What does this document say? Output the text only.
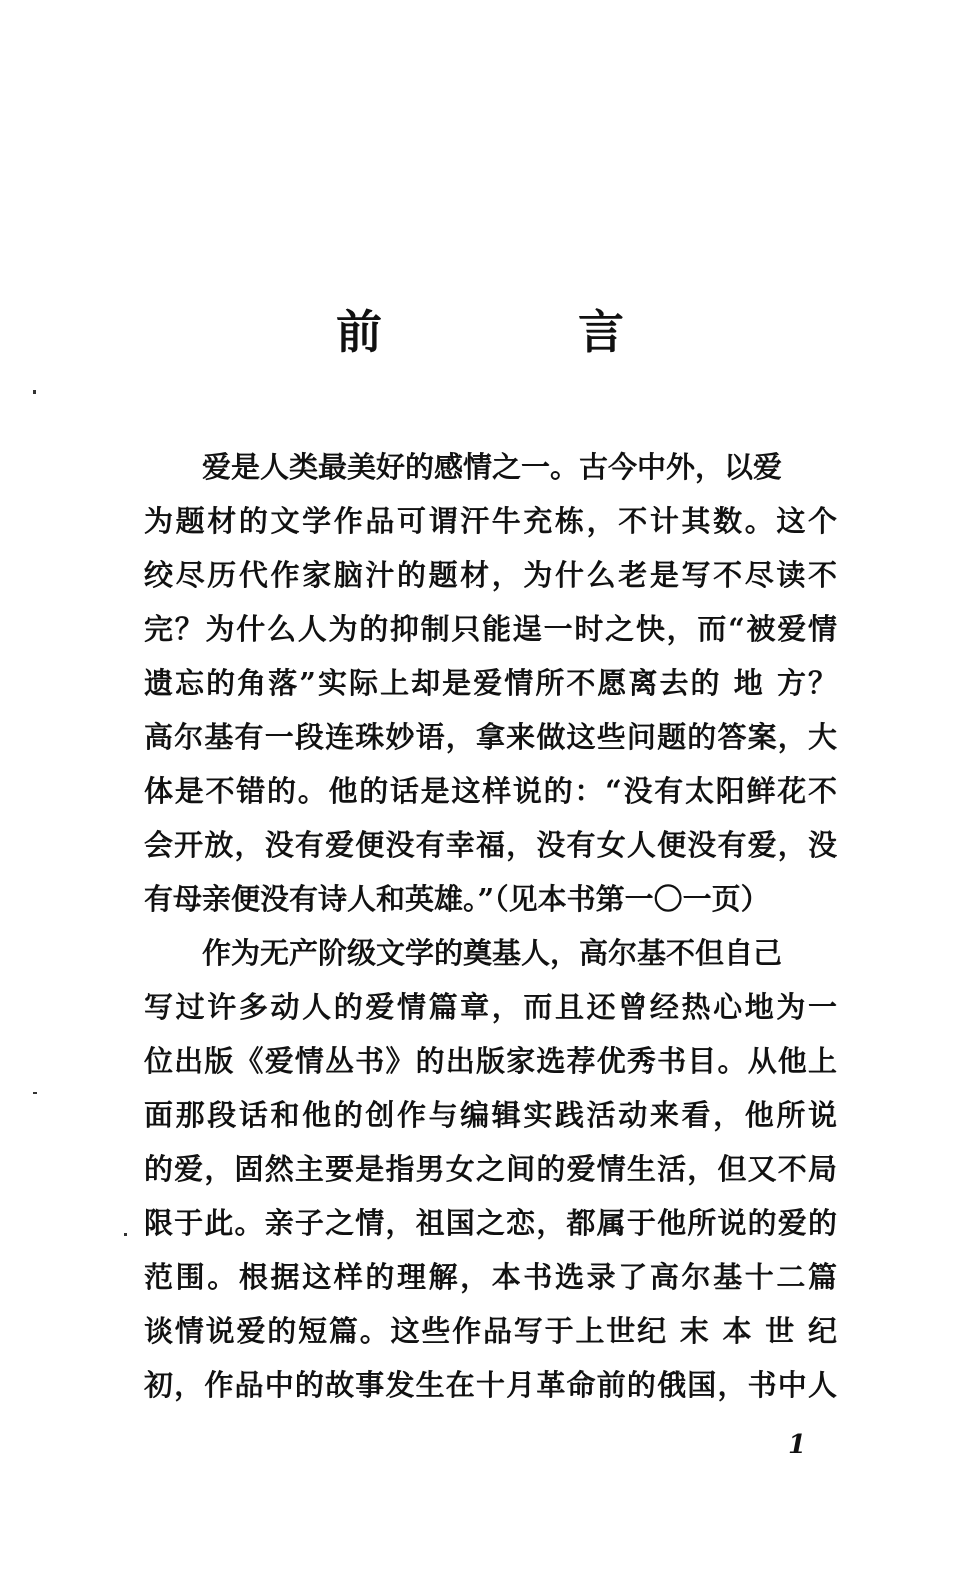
前 言
　　爱是人类最美好的感情之一。古今中外，以爱
为题材的文学作品可谓汗牛充栋，不计其数。这个
绞尽历代作家脑汁的题材，为什么老是写不尽读不
完？为什么人为的抑制只能逞一时之快，而“被爱情
遗忘的角落”实际上却是爱情所不愿离去的 地 方？
高尔基有一段连珠妙语，拿来做这些问题的答案，大
体是不错的。他的话是这样说的：“没有太阳鲜花不
会开放，没有爱便没有幸福，没有女人便没有爱，没
有母亲便没有诗人和英雄。”（见本书第一〇一页）
　　作为无产阶级文学的奠基人，高尔基不但自己
写过许多动人的爱情篇章，而且还曾经热心地为一
位出版《爱情丛书》的出版家选荐优秀书目。从他上
面那段话和他的创作与编辑实践活动来看，他所说
的爱，固然主要是指男女之间的爱情生活，但又不局
限于此。亲子之情，祖国之恋，都属于他所说的爱的
范围。根据这样的理解，本书选录了高尔基十二篇
谈情说爱的短篇。这些作品写于上世纪 末 本 世 纪
初，作品中的故事发生在十月革命前的俄国，书中人
1
